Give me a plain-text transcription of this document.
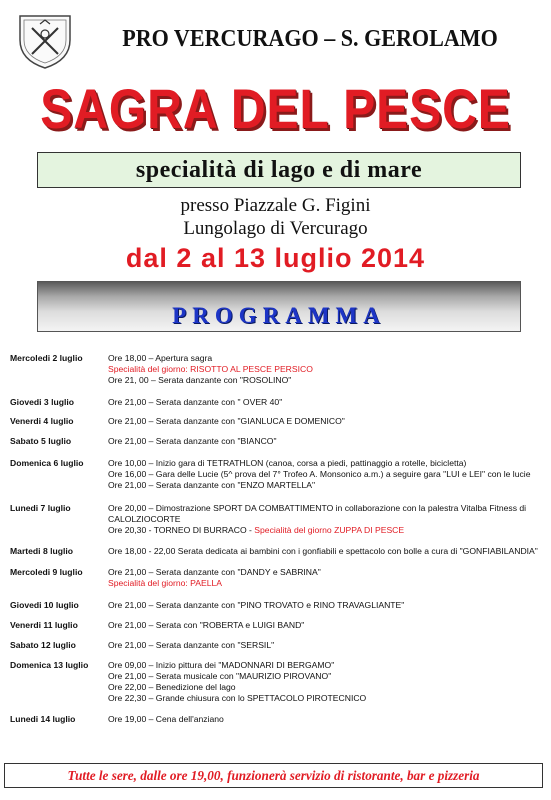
PRO VERCURAGO – S. GEROLAMO
SAGRA DEL PESCE
specialità di lago e di mare
presso Piazzale G. Figini
Lungolago di Vercurago
dal 2 al 13 luglio 2014
PROGRAMMA
Mercoledi 2 luglio	Ore 18,00 – Apertura sagra
Specialità del giorno: RISOTTO AL PESCE PERSICO
Ore 21, 00 – Serata danzante con "ROSOLINO"
Giovedi 3 luglio	Ore 21,00 – Serata danzante con " OVER 40"
Venerdi 4 luglio	Ore 21,00 – Serata danzante con "GIANLUCA E DOMENICO"
Sabato 5 luglio	Ore 21,00 – Serata danzante con "BIANCO"
Domenica 6 luglio	Ore 10,00 – Inizio gara di TETRATHLON (canoa, corsa a piedi, pattinaggio a rotelle, bicicletta)
Ore 16,00 – Gara delle Lucie (5^ prova del 7° Trofeo A. Monsonico a.m.) a seguire gara "LUI e LEI" con le lucie
Ore 21,00 – Serata danzante con "ENZO MARTELLA"
Lunedi 7 luglio	Ore 20,00 – Dimostrazione SPORT DA COMBATTIMENTO in collaborazione con la palestra Vitalba Fitness di CALOLZIOCORTE
Ore 20,30 - TORNEO DI BURRACO - Specialità del giorno ZUPPA DI PESCE
Martedi 8 luglio	Ore 18,00 - 22,00 Serata dedicata ai bambini con i gonfiabili e spettacolo con bolle a cura di "GONFIABILANDIA"
Mercoledi 9 luglio	Ore 21,00 – Serata danzante con "DANDY e SABRINA"
Specialità del giorno: PAELLA
Giovedi 10 luglio	Ore 21,00 – Serata danzante con "PINO TROVATO e RINO TRAVAGLIANTE"
Venerdi 11 luglio	Ore 21,00 – Serata con "ROBERTA e LUIGI BAND"
Sabato 12 luglio	Ore 21,00 – Serata danzante con "SERSIL"
Domenica 13 luglio Ore 09,00 – Inizio pittura dei "MADONNARI DI BERGAMO"
Ore 21,00 – Serata musicale con "MAURIZIO PIROVANO"
Ore 22,00 – Benedizione del lago
Ore 22,30 – Grande chiusura con lo SPETTACOLO PIROTECNICO
Lunedi 14 luglio	Ore 19,00 – Cena dell'anziano
Tutte le sere, dalle ore 19,00, funzionerà servizio di ristorante, bar e pizzeria
